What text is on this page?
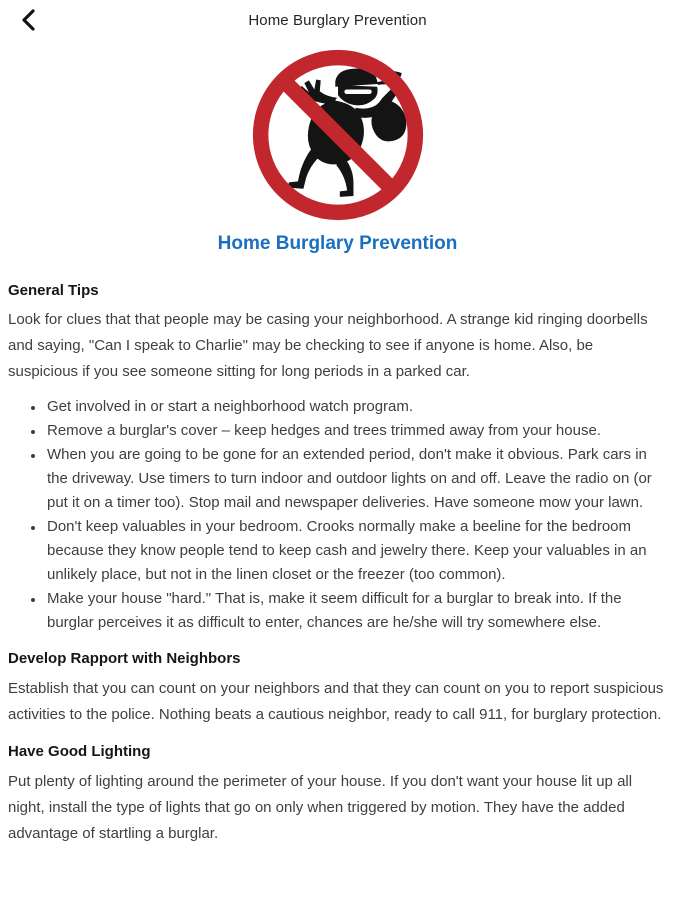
Home Burglary Prevention
Home Burglary Prevention
General Tips

Look for clues that that people may be casing your neighborhood. A strange kid ringing doorbells and saying, "Can I speak to Charlie" may be checking to see if anyone is home. Also, be suspicious if you see someone sitting for long periods in a parked car.

• Get involved in or start a neighborhood watch program.
• Remove a burglar's cover – keep hedges and trees trimmed away from your house.
• When you are going to be gone for an extended period, don't make it obvious. Park cars in the driveway. Use timers to turn indoor and outdoor lights on and off. Leave the radio on (or put it on a timer too). Stop mail and newspaper deliveries. Have someone mow your lawn.
• Don't keep valuables in your bedroom. Crooks normally make a beeline for the bedroom because they know people tend to keep cash and jewelry there. Keep your valuables in an unlikely place, but not in the linen closet or the freezer (too common).
• Make your house "hard." That is, make it seem difficult for a burglar to break into. If the burglar perceives it as difficult to enter, chances are he/she will try somewhere else.
Develop Rapport with Neighbors

Establish that you can count on your neighbors and that they can count on you to report suspicious activities to the police. Nothing beats a cautious neighbor, ready to call 911, for burglary protection.

Have Good Lighting

Put plenty of lighting around the perimeter of your house. If you don't want your house lit up all night, install the type of lights that go on only when triggered by motion. They have the added advantage of startling a burglar.
